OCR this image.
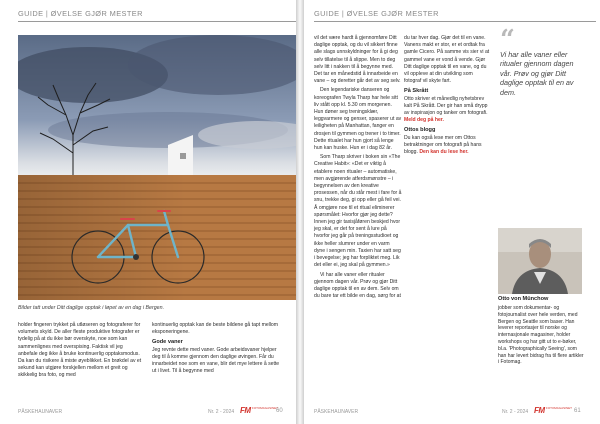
GUIDE | ØVELSE GJØR MESTER
Bilder tatt under Ditt daglige opptak i løpet av en dag i Bergen.

holder fingeren trykket på utløseren og fotograferer for volumets skyld. De aller fleste produktive fotografer er tydelig på at du ikke bør overskyte, noe som kan sammenlignes med overspising. Faktisk vil jeg anbefale deg ikke å bruke kontinuerlig opptaksmodus. Da kan du risikere å miste øyeblikket. En brøkdel av et sekund kan utgjøre forskjellen mellom et greit og skikkelig bra foto, og med

kontinuerlig opptak kan de beste bildene gå tapt mellom eksponeringene.

Gode vaner

Jeg revnte dette med vaner. Gode arbeidsvaner hjelper deg til å komme gjennom den daglige øvingen. Får du innarbeidet noe som en vane, blir det mye lettere å sette ut i livet. Til å begynne med

PÅSKEHAUNAVER	Nr. 2 - 2024 FM FOTOMAGASINET
60
GUIDE | ØVELSE GJØR MESTER

vil det være hardt å gjennomføre Ditt daglige opptak, og du vil sikkert finne alle slags unnskyldninger for å gi deg selv tillatelse til å slippe. Men to deg selv litt i nakken til å begynne med. Det tar en månedstid å innarbeide en vane – og deretter går det av seg selv.

Den legendariske danseren og koreografen Twyla Tharp har hele sitt liv stått opp kl. 5.30 om morgenen. Hun døner seg treningsklær, leggvarmere og genser, spaserer ut av leiligheten på Manhattan, fanger en drosjen til gymmen og trener i to timer. Dette ritualet har hun gjort så lenge hun kan huske. Hun er i dag 82 år.

Som Tharp skriver i boken sin «The Creative Habit»: «Det er viktig å etablere noen ritualer – automatiske, men avgjørende atferdsmønstre – i begynnelsen av den kreative prosessen, når du står mest i fare for å snu, trekke deg, gi opp eller gå feil vei. Å omgjøre noe til et ritual eliminerer spørsmålet: Hvorfor gjør jeg dette? Innen jeg gir taxisjåføren beskjed hvor jeg skal, er det for sent å lure på hvorfor jeg går på treningsstudioet og ikke heller slumrer under en varm dyne i sengen min. Taxien har satt seg i bevegelse; jeg har forpliktet meg. Lik det eller ei, jeg skal på gymmen.»

Vi har alle vaner eller ritualer gjennom dagen vår. Prøv og gjør Ditt daglige opptak til en av dem. Selv om du bare tar ett bilde en dag, sørg for at

du tar hver dag. Gjør det til en vane. Vanens makt er stor, er et ordtak fra gamle Cicero. På samme vis sier vi at gammel vane er vond å vende. Gjør Ditt daglige opptak til en vane, og du vil oppleve at din utvikling som fotograf vil skyte fart.

På Skrått

Otto skriver et månedlig nyhetsbrev kalt På Skrått. Der gir han små drypp av inspirasjon og tanker om fotografi. Meld deg på her.

Ottos blogg

Du kan også lese mer om Ottos betraktninger om fotografi på hans blogg. Den kan du lese her.

“
Vi har alle vaner eller ritualer gjennom dagen vår. Prøv og gjør Ditt daglige opptak til en av dem.
Otto von Münchow
jobber som dokumentar- og fotojournalist over hele verden, med Bergen og Seattle som baser. Han leverer reportasjer til norske og internasjonale magasiner, holder workshops og har gitt ut to e-bøker, bl.a. 'Photographically Seeing', som han har levert bidrag fra til flere artikler i Fotomag.
PÅSKEHAUNAVER	Nr. 2 - 2024 FM FOTOMAGASINET 61
